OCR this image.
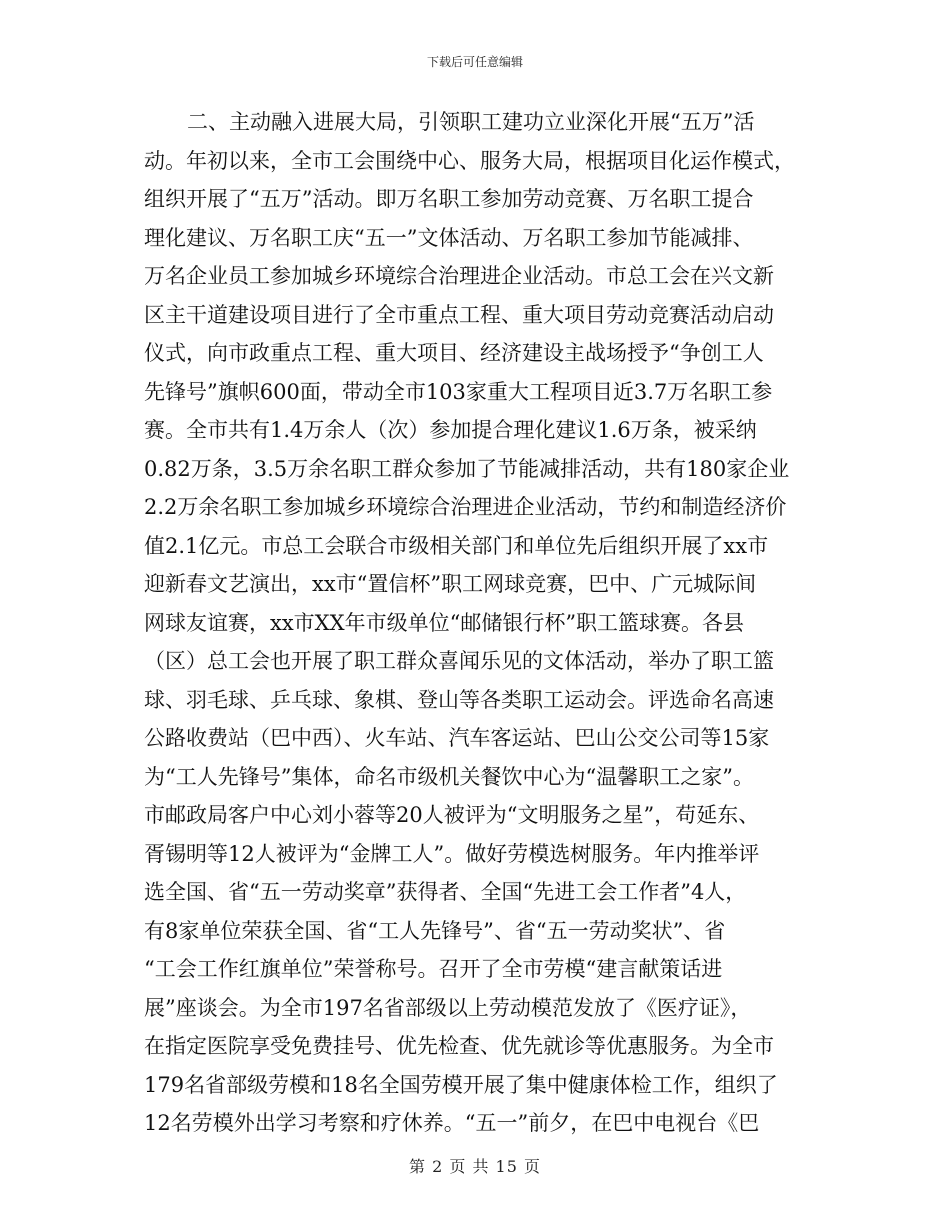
下载后可任意编辑
二、主动融入进展大局，引领职工建功立业深化开展“五万”活
动。年初以来，全市工会围绕中心、服务大局，根据项目化运作模式，
组织开展了“五万”活动。即万名职工参加劳动竞赛、万名职工提合
理化建议、万名职工庆“五一”文体活动、万名职工参加节能减排、
万名企业员工参加城乡环境综合治理进企业活动。市总工会在兴文新
区主干道建设项目进行了全市重点工程、重大项目劳动竞赛活动启动
仪式，向市政重点工程、重大项目、经济建设主战场授予“争创工人
先锋号”旗帜600面，带动全市103家重大工程项目近3.7万名职工参
赛。全市共有1.4万余人（次）参加提合理化建议1.6万条，被采纳
0.82万条，3.5万余名职工群众参加了节能减排活动，共有180家企业
2.2万余名职工参加城乡环境综合治理进企业活动，节约和制造经济价
值2.1亿元。市总工会联合市级相关部门和单位先后组织开展了xx市
迎新春文艺演出，xx市“置信杯”职工网球竞赛，巴中、广元城际间
网球友谊赛，xx市XX年市级单位“邮储银行杯”职工篮球赛。各县
（区）总工会也开展了职工群众喜闻乐见的文体活动，举办了职工篮
球、羽毛球、乒乓球、象棋、登山等各类职工运动会。评选命名高速
公路收费站（巴中西）、火车站、汽车客运站、巴山公交公司等15家
为“工人先锋号”集体，命名市级机关餐饮中心为“温馨职工之家”。
市邮政局客户中心刘小蓉等20人被评为“文明服务之星”，苟延东、
胥锡明等12人被评为“金牌工人”。做好劳模选树服务。年内推举评
选全国、省“五一劳动奖章”获得者、全国“先进工会工作者”4人，
有8家单位荣获全国、省“工人先锋号”、省“五一劳动奖状”、省
“工会工作红旗单位”荣誉称号。召开了全市劳模“建言献策话进
展”座谈会。为全市197名省部级以上劳动模范发放了《医疗证》，
在指定医院享受免费挂号、优先检查、优先就诊等优惠服务。为全市
179名省部级劳模和18名全国劳模开展了集中健康体检工作，组织了
12名劳模外出学习考察和疗休养。“五一”前夕，在巴中电视台《巴
第 2 页 共 15 页
